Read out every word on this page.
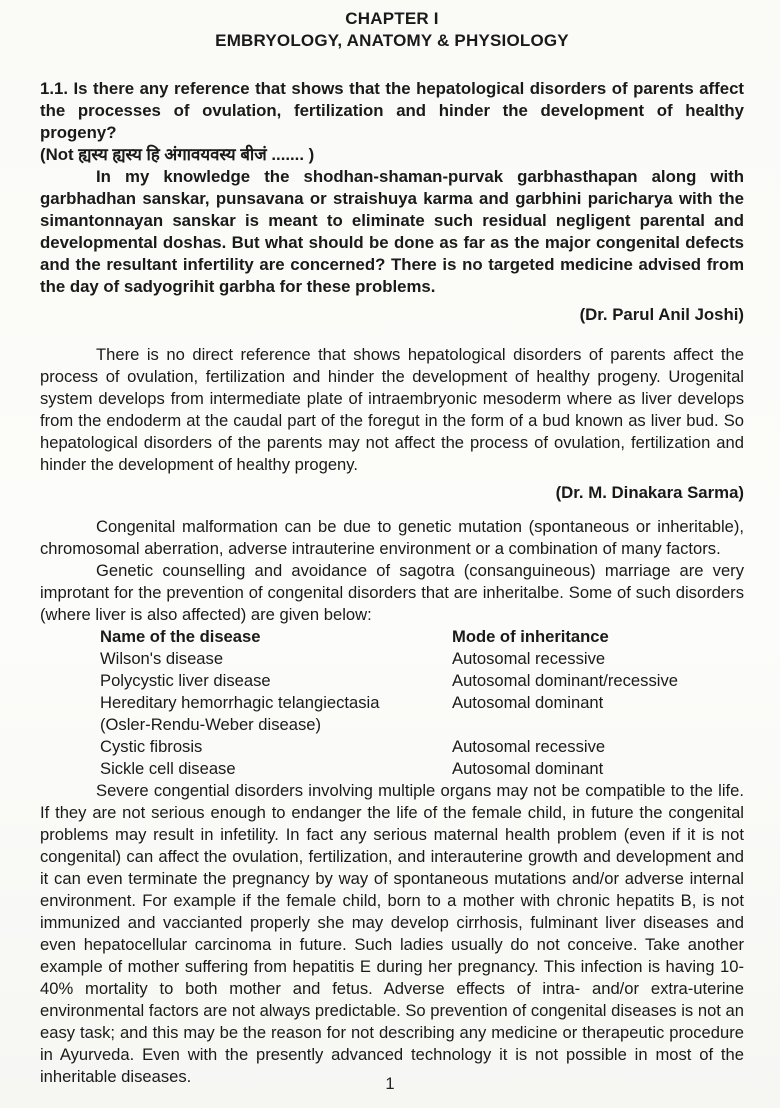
CHAPTER I
EMBRYOLOGY, ANATOMY & PHYSIOLOGY
1.1. Is there any reference that shows that the hepatological disorders of parents affect the processes of ovulation, fertilization and hinder the development of healthy progeny?
(Not ह्यस्य ह्यस्य हि अंगावयवस्य बीजं ....... )
In my knowledge the shodhan-shaman-purvak garbhasthapan along with garbhadhan sanskar, punsavana or straishuya karma and garbhini paricharya with the simantonnayan sanskar is meant to eliminate such residual negligent parental and developmental doshas. But what should be done as far as the major congenital defects and the resultant infertility are concerned? There is no targeted medicine advised from the day of sadyogrihit garbha for these problems.
(Dr. Parul Anil Joshi)
There is no direct reference that shows hepatological disorders of parents affect the process of ovulation, fertilization and hinder the development of healthy progeny. Urogenital system develops from intermediate plate of intraembryonic mesoderm where as liver develops from the endoderm at the caudal part of the foregut in the form of a bud known as liver bud. So hepatological disorders of the parents may not affect the process of ovulation, fertilization and hinder the development of healthy progeny.
(Dr. M. Dinakara Sarma)
Congenital malformation can be due to genetic mutation (spontaneous or inheritable), chromosomal aberration, adverse intrauterine environment or a combination of many factors.
Genetic counselling and avoidance of sagotra (consanguineous) marriage are very improtant for the prevention of congenital disorders that are inheritalbe. Some of such disorders (where liver is also affected) are given below:
Name of the disease	Mode of inheritance
Wilson's disease	Autosomal recessive
Polycystic liver disease	Autosomal dominant/recessive
Hereditary hemorrhagic telangiectasia	Autosomal dominant
(Osler-Rendu-Weber disease)	
Cystic fibrosis	Autosomal recessive
Sickle cell disease	Autosomal dominant
Severe congential disorders involving multiple organs may not be compatible to the life. If they are not serious enough to endanger the life of the female child, in future the congenital problems may result in infetility. In fact any serious maternal health problem (even if it is not congenital) can affect the ovulation, fertilization, and interauterine growth and development and it can even terminate the pregnancy by way of spontaneous mutations and/or adverse internal environment. For example if the female child, born to a mother with chronic hepatits B, is not immunized and vaccianted properly she may develop cirrhosis, fulminant liver diseases and even hepatocellular carcinoma in future. Such ladies usually do not conceive. Take another example of mother suffering from hepatitis E during her pregnancy. This infection is having 10-40% mortality to both mother and fetus. Adverse effects of intra- and/or extra-uterine environmental factors are not always predictable. So prevention of congenital diseases is not an easy task; and this may be the reason for not describing any medicine or therapeutic procedure in Ayurveda. Even with the presently advanced technology it is not possible in most of the inheritable diseases.	1
